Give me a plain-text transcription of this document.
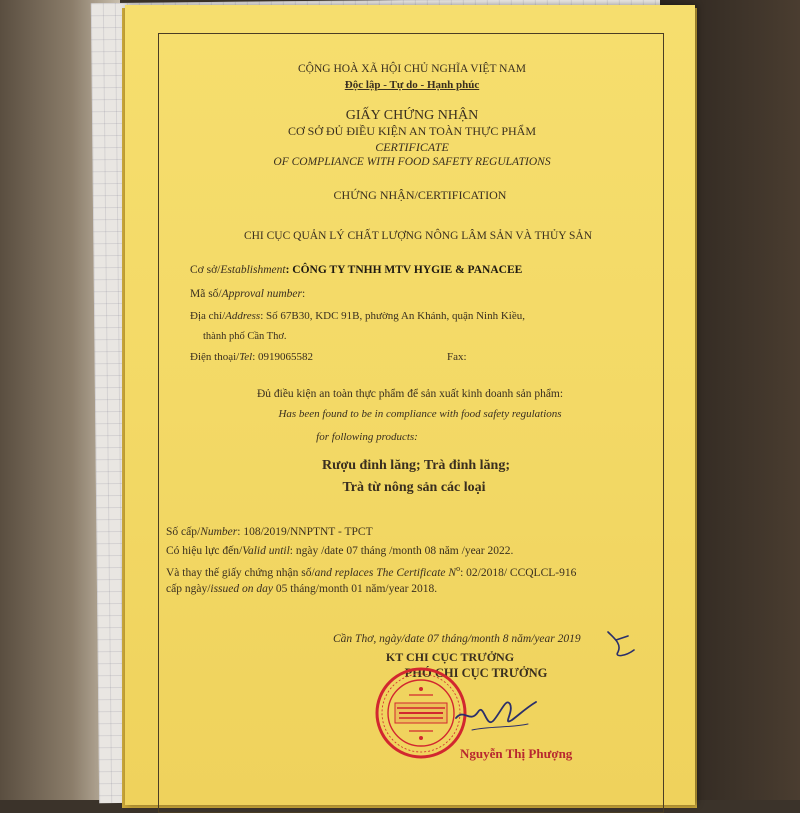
CỘNG HOÀ XÃ HỘI CHỦ NGHĨA VIỆT NAM
Độc lập - Tự do - Hạnh phúc
GIẤY CHỨNG NHẬN
CƠ SỞ ĐỦ ĐIỀU KIỆN AN TOÀN THỰC PHẨM
CERTIFICATE
OF COMPLIANCE WITH FOOD SAFETY REGULATIONS
CHỨNG NHẬN/CERTIFICATION
CHI CỤC QUẢN LÝ CHẤT LƯỢNG NÔNG LÂM SẢN VÀ THỦY SẢN
Cơ sở/Establishment: CÔNG TY TNHH MTV HYGIE & PANACEE
Mã số/Approval number:
Địa chỉ/Address: Số 67B30, KDC 91B, phường An Khánh, quận Ninh Kiều,
thành phố Cần Thơ.
Điện thoại/Tel: 0919065582	Fax:
Đủ điều kiện an toàn thực phẩm để sản xuất kinh doanh sản phẩm:
Has been found to be in compliance with food safety regulations
for following products:
Rượu đinh lăng; Trà đinh lăng;
Trà từ nông sản các loại
Số cấp/Number: 108/2019/NNPTNT - TPCT
Có hiệu lực đến/Valid until: ngày /date 07 tháng /month 08 năm /year 2022.
Và thay thế giấy chứng nhận số/and replaces The Certificate $N^o$: 02/2018/ CCQLCL-916
cấp ngày/issued on day 05 tháng/month 01 năm/year 2018.
Cần Thơ, ngày/date 07 tháng/month 8 năm/year 2019
KT CHI CỤC TRƯỞNG
PHÓ CHI CỤC TRƯỞNG
Nguyễn Thị Phượng
